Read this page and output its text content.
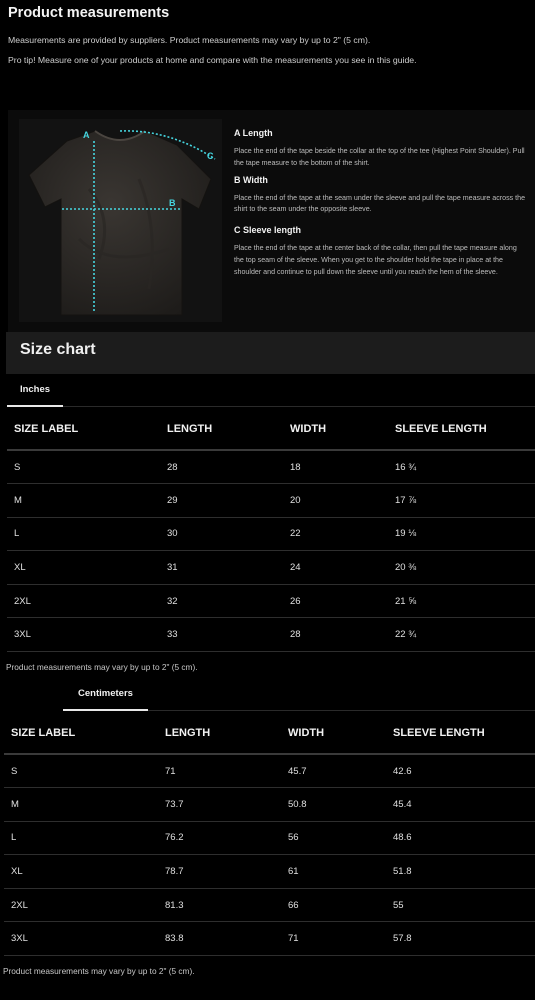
Product measurements
Measurements are provided by suppliers. Product measurements may vary by up to 2" (5 cm).
Pro tip! Measure one of your products at home and compare with the measurements you see in this guide.
A
B
C
A Length
Place the end of the tape beside the collar at the top of the tee (Highest Point Shoulder). Pull the tape measure to the bottom of the shirt.
B Width
Place the end of the tape at the seam under the sleeve and pull the tape measure across the shirt to the seam under the opposite sleeve.
C Sleeve length
Place the end of the tape at the center back of the collar, then pull the tape measure along the top seam of the sleeve. When you get to the shoulder hold the tape in place at the shoulder and continue to pull down the sleeve until you reach the hem of the sleeve.
Size chart
Inches
SIZE LABEL	LENGTH	WIDTH	SLEEVE LENGTH
S	28	18	16 ¾
M	29	20	17 ⅞
L	30	22	19 ⅛
XL	31	24	20 ⅜
2XL	32	26	21 ⅝
3XL	33	28	22 ¾
Product measurements may vary by up to 2" (5 cm).
Centimeters
SIZE LABEL	LENGTH	WIDTH	SLEEVE LENGTH
S	71	45.7	42.6
M	73.7	50.8	45.4
L	76.2	56	48.6
XL	78.7	61	51.8
2XL	81.3	66	55
3XL	83.8	71	57.8
Product measurements may vary by up to 2" (5 cm).
